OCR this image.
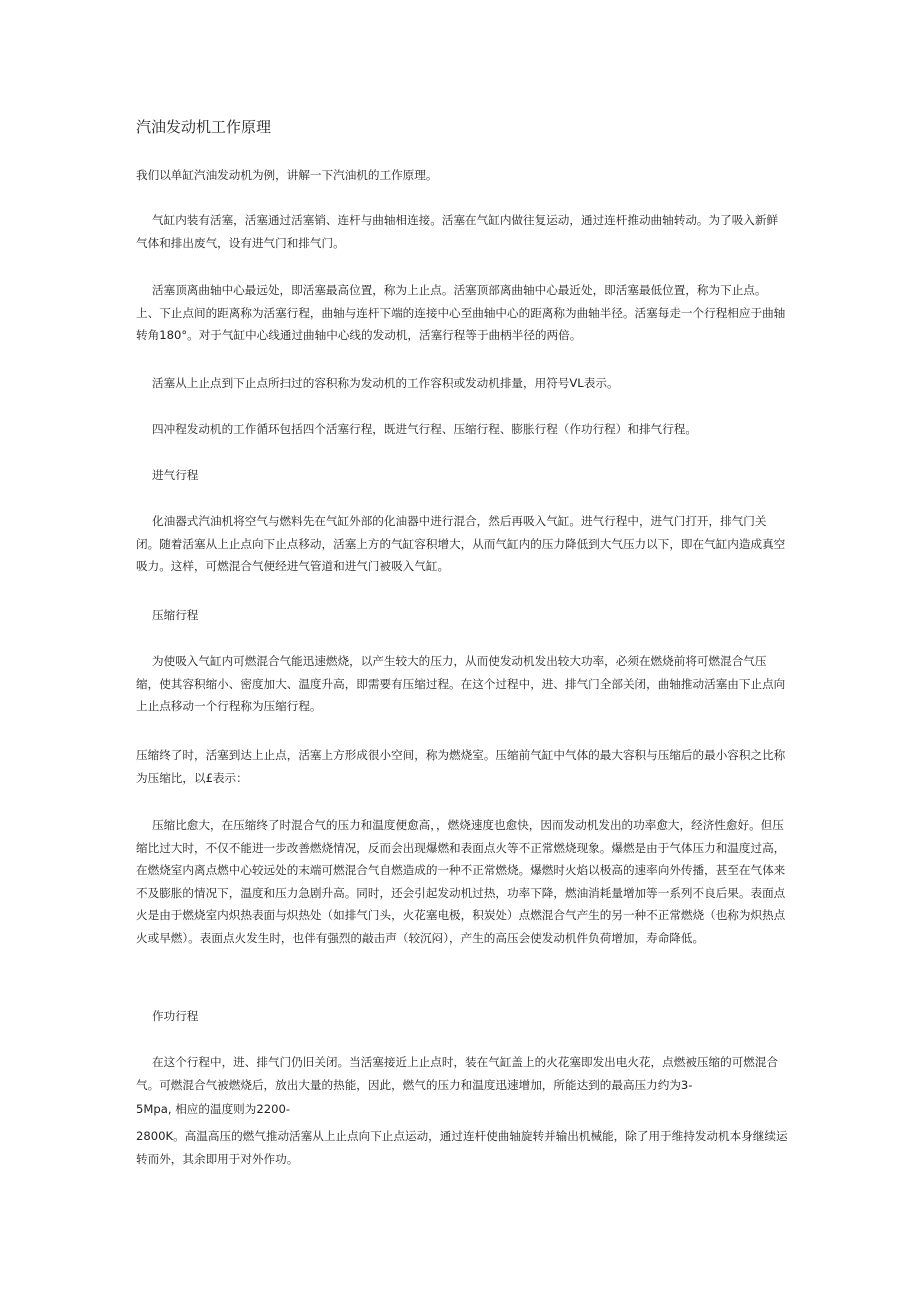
汽油发动机工作原理

我们以单缸汽油发动机为例，讲解一下汽油机的工作原理。

气缸内装有活塞，活塞通过活塞销、连杆与曲轴相连接。活塞在气缸内做往复运动，通过连杆推动曲轴转动。为了吸入新鲜气体和排出废气，设有进气门和排气门。

活塞顶离曲轴中心最远处，即活塞最高位置，称为上止点。活塞顶部离曲轴中心最近处，即活塞最低位置，称为下止点。上、下止点间的距离称为活塞行程，曲轴与连杆下端的连接中心至曲轴中心的距离称为曲轴半径。活塞每走一个行程相应于曲轴转角180°。对于气缸中心线通过曲轴中心线的发动机，活塞行程等于曲柄半径的两倍。

活塞从上止点到下止点所扫过的容积称为发动机的工作容积或发动机排量，用符号VL表示。

四冲程发动机的工作循环包括四个活塞行程，既进气行程、压缩行程、膨胀行程（作功行程）和排气行程。

进气行程

化油器式汽油机将空气与燃料先在气缸外部的化油器中进行混合，然后再吸入气缸。进气行程中，进气门打开，排气门关闭。随着活塞从上止点向下止点移动，活塞上方的气缸容积增大，从而气缸内的压力降低到大气压力以下，即在气缸内造成真空吸力。这样，可燃混合气便经进气管道和进气门被吸入气缸。

压缩行程

为使吸入气缸内可燃混合气能迅速燃烧，以产生较大的压力，从而使发动机发出较大功率，必须在燃烧前将可燃混合气压缩，使其容积缩小、密度加大、温度升高，即需要有压缩过程。在这个过程中，进、排气门全部关闭，曲轴推动活塞由下止点向上止点移动一个行程称为压缩行程。

压缩终了时，活塞到达上止点，活塞上方形成很小空间，称为燃烧室。压缩前气缸中气体的最大容积与压缩后的最小容积之比称为压缩比，以£表示：

压缩比愈大，在压缩终了时混合气的压力和温度便愈高，，燃烧速度也愈快，因而发动机发出的功率愈大，经济性愈好。但压缩比过大时，不仅不能进一步改善燃烧情况，反而会出现爆燃和表面点火等不正常燃烧现象。爆燃是由于气体压力和温度过高，在燃烧室内离点燃中心较远处的末端可燃混合气自燃造成的一种不正常燃烧。爆燃时火焰以极高的速率向外传播，甚至在气体来不及膨胀的情况下，温度和压力急剧升高。同时，还会引起发动机过热，功率下降，燃油消耗量增加等一系列不良后果。表面点火是由于燃烧室内炽热表面与炽热处（如排气门头，火花塞电极，积炭处）点燃混合气产生的另一种不正常燃烧（也称为炽热点火或早燃）。表面点火发生时，也伴有强烈的敲击声（较沉闷），产生的高压会使发动机件负荷增加，寿命降低。

作功行程

在这个行程中，进、排气门仍旧关闭。当活塞接近上止点时，装在气缸盖上的火花塞即发出电火花，点燃被压缩的可燃混合气。可燃混合气被燃烧后，放出大量的热能，因此，燃气的压力和温度迅速增加，所能达到的最高压力约为3-

5Mpa, 相应的温度则为2200-

2800K。高温高压的燃气推动活塞从上止点向下止点运动，通过连杆使曲轴旋转并输出机械能，除了用于维持发动机本身继续运转而外，其余即用于对外作功。
